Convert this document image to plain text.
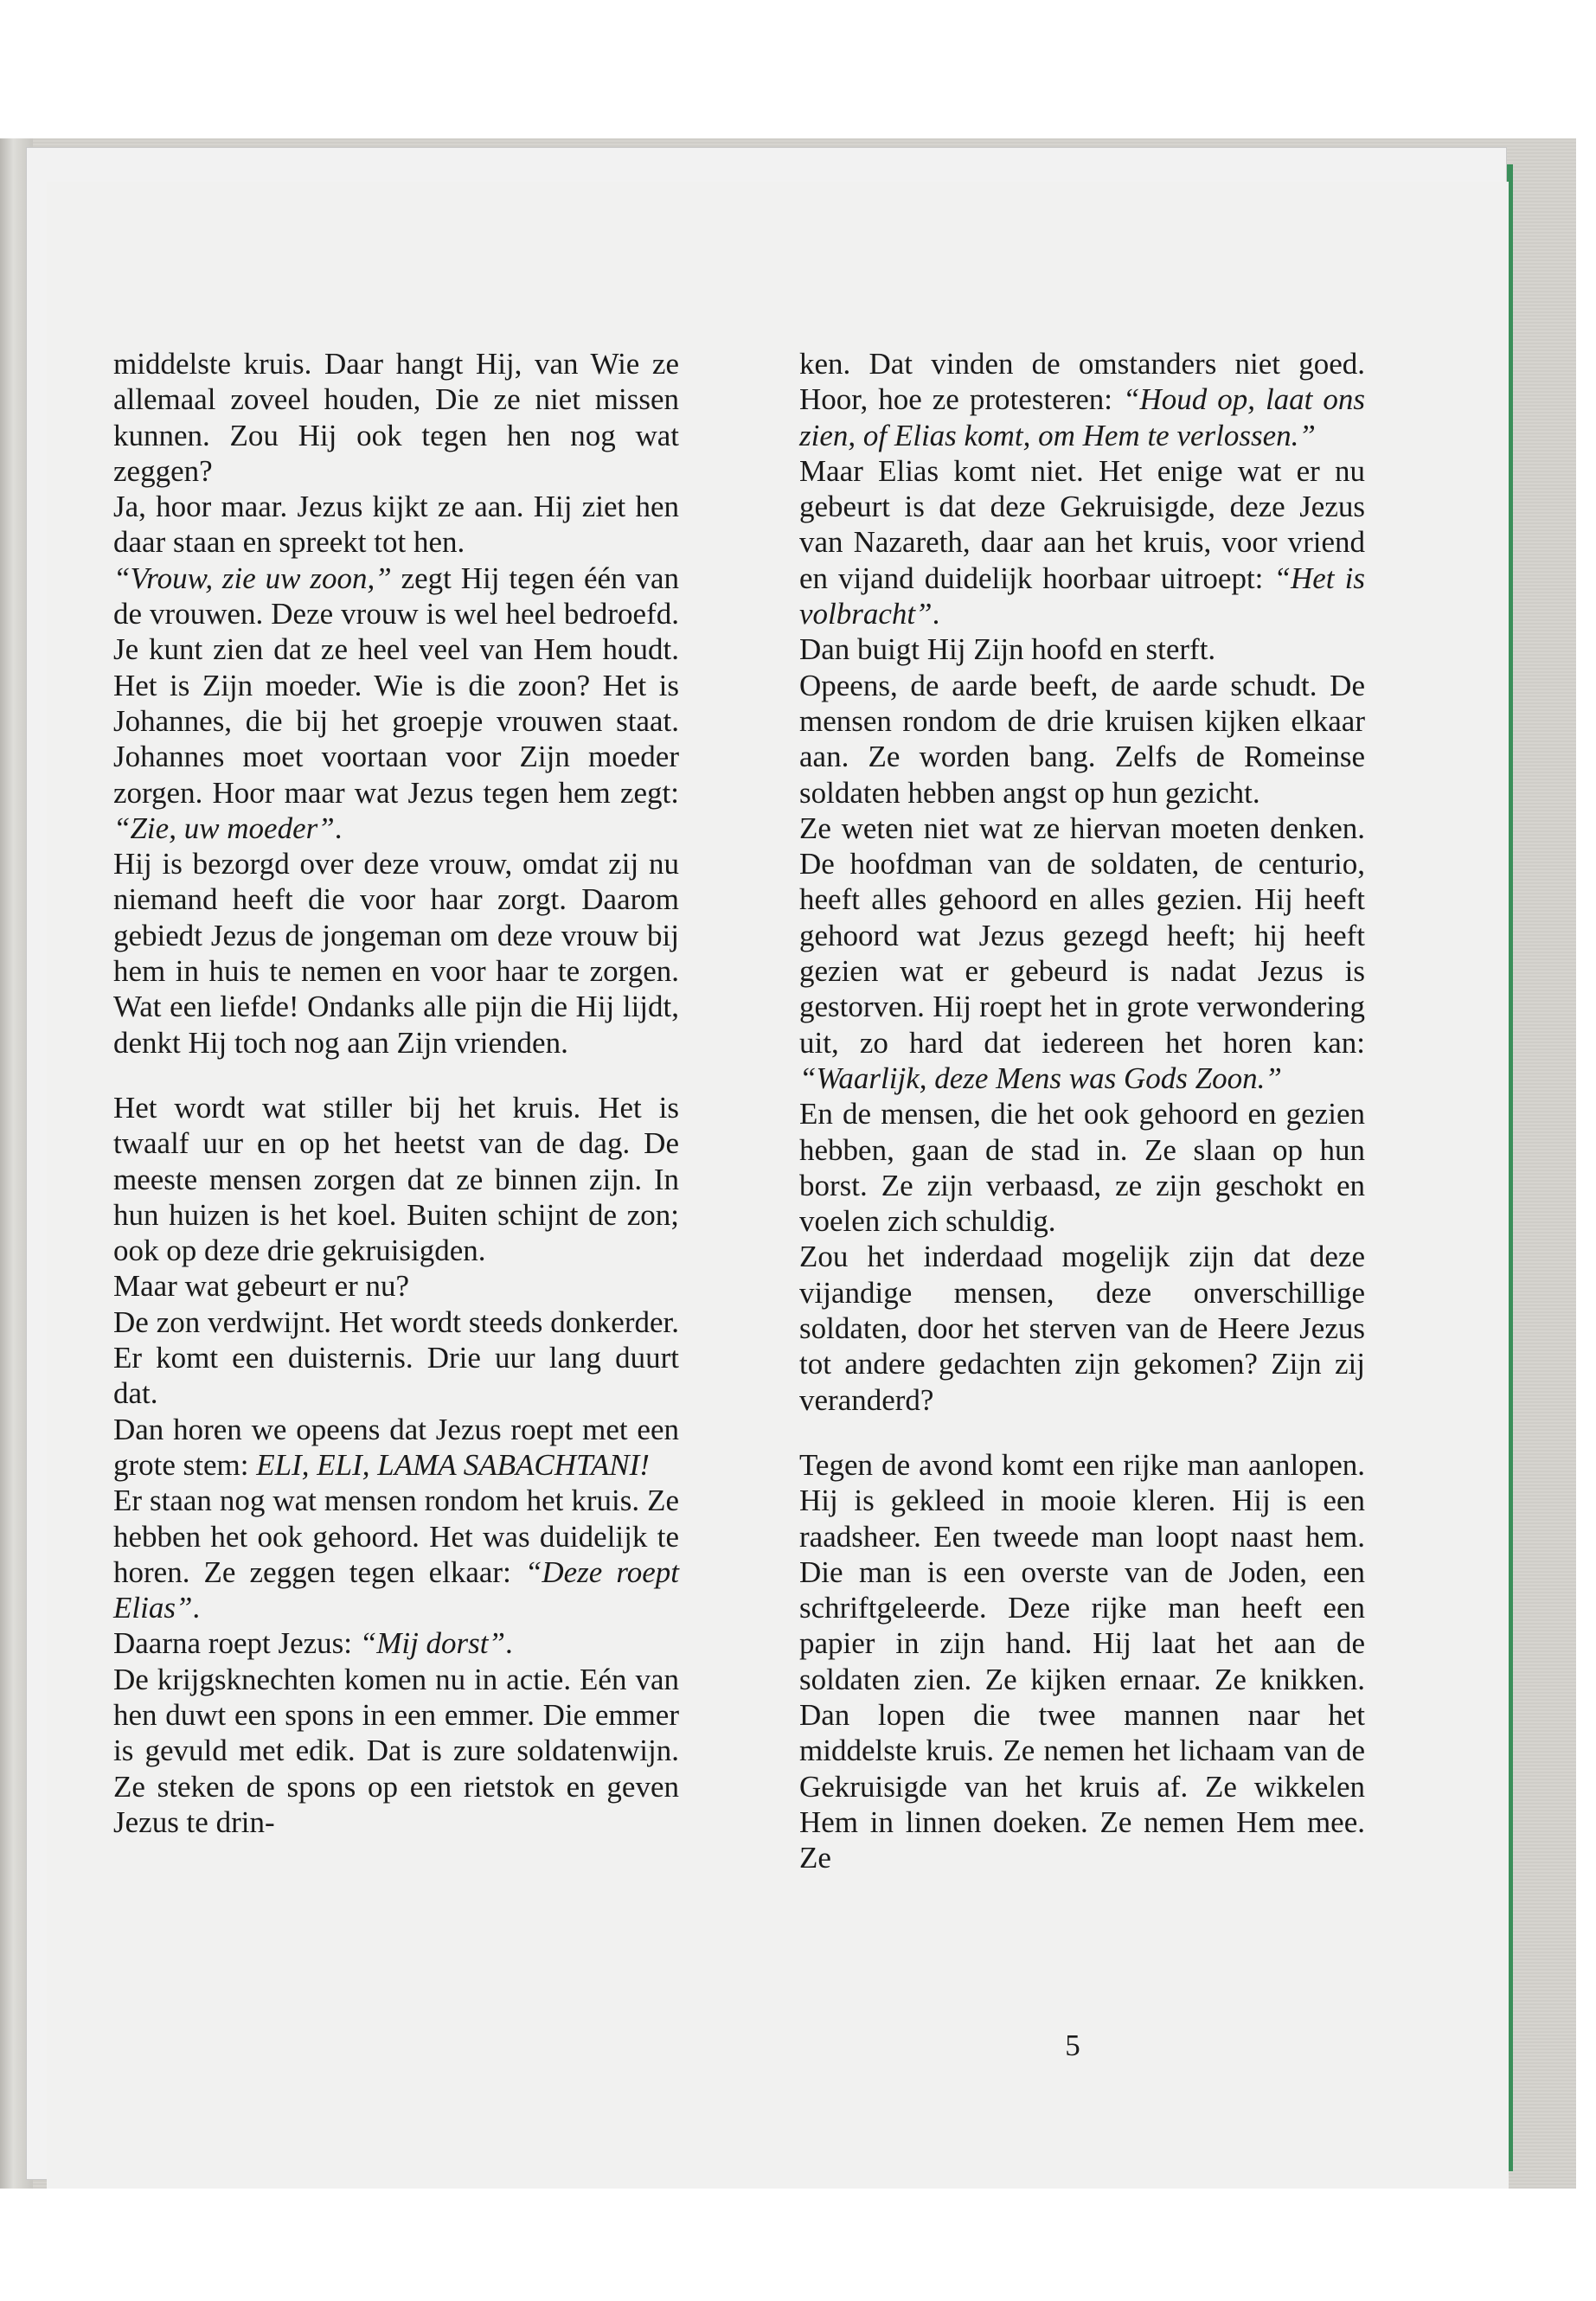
middelste kruis. Daar hangt Hij, van Wie ze allemaal zoveel houden, Die ze niet missen kunnen. Zou Hij ook tegen hen nog wat zeggen?

Ja, hoor maar. Jezus kijkt ze aan. Hij ziet hen daar staan en spreekt tot hen.

“Vrouw, zie uw zoon,” zegt Hij tegen één van de vrouwen. Deze vrouw is wel heel bedroefd. Je kunt zien dat ze heel veel van Hem houdt. Het is Zijn moeder. Wie is die zoon? Het is Johannes, die bij het groepje vrouwen staat. Johannes moet voortaan voor Zijn moeder zorgen. Hoor maar wat Jezus tegen hem zegt: “Zie, uw moeder”.

Hij is bezorgd over deze vrouw, omdat zij nu niemand heeft die voor haar zorgt. Daarom gebiedt Jezus de jongeman om deze vrouw bij hem in huis te nemen en voor haar te zorgen. Wat een liefde! Ondanks alle pijn die Hij lijdt, denkt Hij toch nog aan Zijn vrienden.

Het wordt wat stiller bij het kruis. Het is twaalf uur en op het heetst van de dag. De meeste mensen zorgen dat ze binnen zijn. In hun huizen is het koel. Buiten schijnt de zon; ook op deze drie gekruisigden.

Maar wat gebeurt er nu?

De zon verdwijnt. Het wordt steeds donkerder. Er komt een duisternis. Drie uur lang duurt dat.

Dan horen we opeens dat Jezus roept met een grote stem: ELI, ELI, LAMA SABACHTANI!

Er staan nog wat mensen rondom het kruis. Ze hebben het ook gehoord. Het was duidelijk te horen. Ze zeggen tegen elkaar: “Deze roept Elias”.

Daarna roept Jezus: “Mij dorst”.

De krijgsknechten komen nu in actie. Eén van hen duwt een spons in een emmer. Die emmer is gevuld met edik. Dat is zure soldatenwijn. Ze steken de spons op een rietstok en geven Jezus te drin-

ken. Dat vinden de omstanders niet goed. Hoor, hoe ze protesteren: “Houd op, laat ons zien, of Elias komt, om Hem te verlossen.”

Maar Elias komt niet. Het enige wat er nu gebeurt is dat deze Gekruisigde, deze Jezus van Nazareth, daar aan het kruis, voor vriend en vijand duidelijk hoorbaar uitroept: “Het is volbracht”.

Dan buigt Hij Zijn hoofd en sterft.

Opeens, de aarde beeft, de aarde schudt. De mensen rondom de drie kruisen kijken elkaar aan. Ze worden bang. Zelfs de Romeinse soldaten hebben angst op hun gezicht.

Ze weten niet wat ze hiervan moeten denken. De hoofdman van de soldaten, de centurio, heeft alles gehoord en alles gezien. Hij heeft gehoord wat Jezus gezegd heeft; hij heeft gezien wat er gebeurd is nadat Jezus is gestorven. Hij roept het in grote verwondering uit, zo hard dat iedereen het horen kan: “Waarlijk, deze Mens was Gods Zoon.”

En de mensen, die het ook gehoord en gezien hebben, gaan de stad in. Ze slaan op hun borst. Ze zijn verbaasd, ze zijn geschokt en voelen zich schuldig.

Zou het inderdaad mogelijk zijn dat deze vijandige mensen, deze onverschillige soldaten, door het sterven van de Heere Jezus tot andere gedachten zijn gekomen? Zijn zij veranderd?

Tegen de avond komt een rijke man aanlopen. Hij is gekleed in mooie kleren. Hij is een raadsheer. Een tweede man loopt naast hem. Die man is een overste van de Joden, een schriftgeleerde. Deze rijke man heeft een papier in zijn hand. Hij laat het aan de soldaten zien. Ze kijken ernaar. Ze knikken. Dan lopen die twee mannen naar het middelste kruis. Ze nemen het lichaam van de Gekruisigde van het kruis af. Ze wikkelen Hem in linnen doeken. Ze nemen Hem mee. Ze

5
